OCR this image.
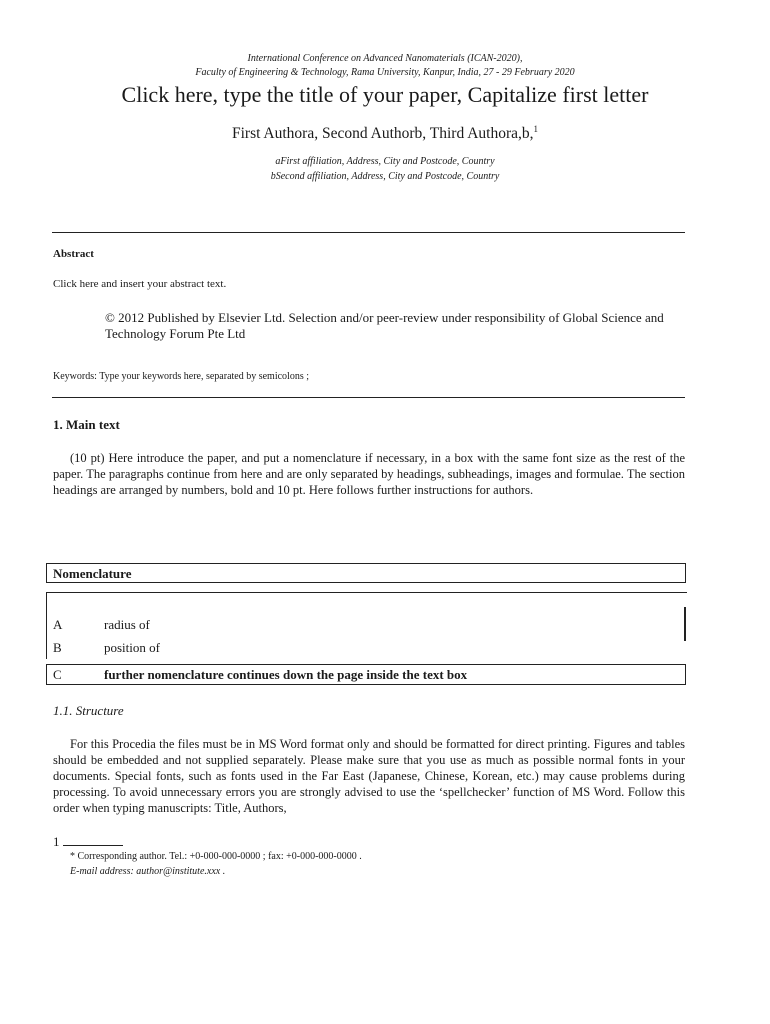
International Conference on Advanced Nanomaterials (ICAN-2020),
Faculty of Engineering & Technology, Rama University, Kanpur, India, 27 - 29 February 2020
Click here, type the title of your paper, Capitalize first letter
First Authora, Second Authorb, Third Authora,b,$^1$
aFirst affiliation, Address, City and Postcode, Country
bSecond affiliation, Address, City and Postcode, Country
Abstract
Click here and insert your abstract text.
© 2012 Published by Elsevier Ltd. Selection and/or peer-review under responsibility of Global Science and Technology Forum Pte Ltd
Keywords: Type your keywords here, separated by semicolons ;
1. Main text
(10 pt) Here introduce the paper, and put a nomenclature if necessary, in a box with the same font size as the rest of the paper. The paragraphs continue from here and are only separated by headings, subheadings, images and formulae. The section headings are arranged by numbers, bold and 10 pt. Here follows further instructions for authors.
Nomenclature
A	radius of
B	position of
C	further nomenclature continues down the page inside the text box
1.1. Structure
For this Procedia the files must be in MS Word format only and should be formatted for direct printing. Figures and tables should be embedded and not supplied separately. Please make sure that you use as much as possible normal fonts in your documents. Special fonts, such as fonts used in the Far East (Japanese, Chinese, Korean, etc.) may cause problems during processing. To avoid unnecessary errors you are strongly advised to use the ‘spellchecker’ function of MS Word. Follow this order when typing manuscripts: Title, Authors,
1
* Corresponding author. Tel.: +0-000-000-0000 ; fax: +0-000-000-0000 .
E-mail address: author@institute.xxx .
